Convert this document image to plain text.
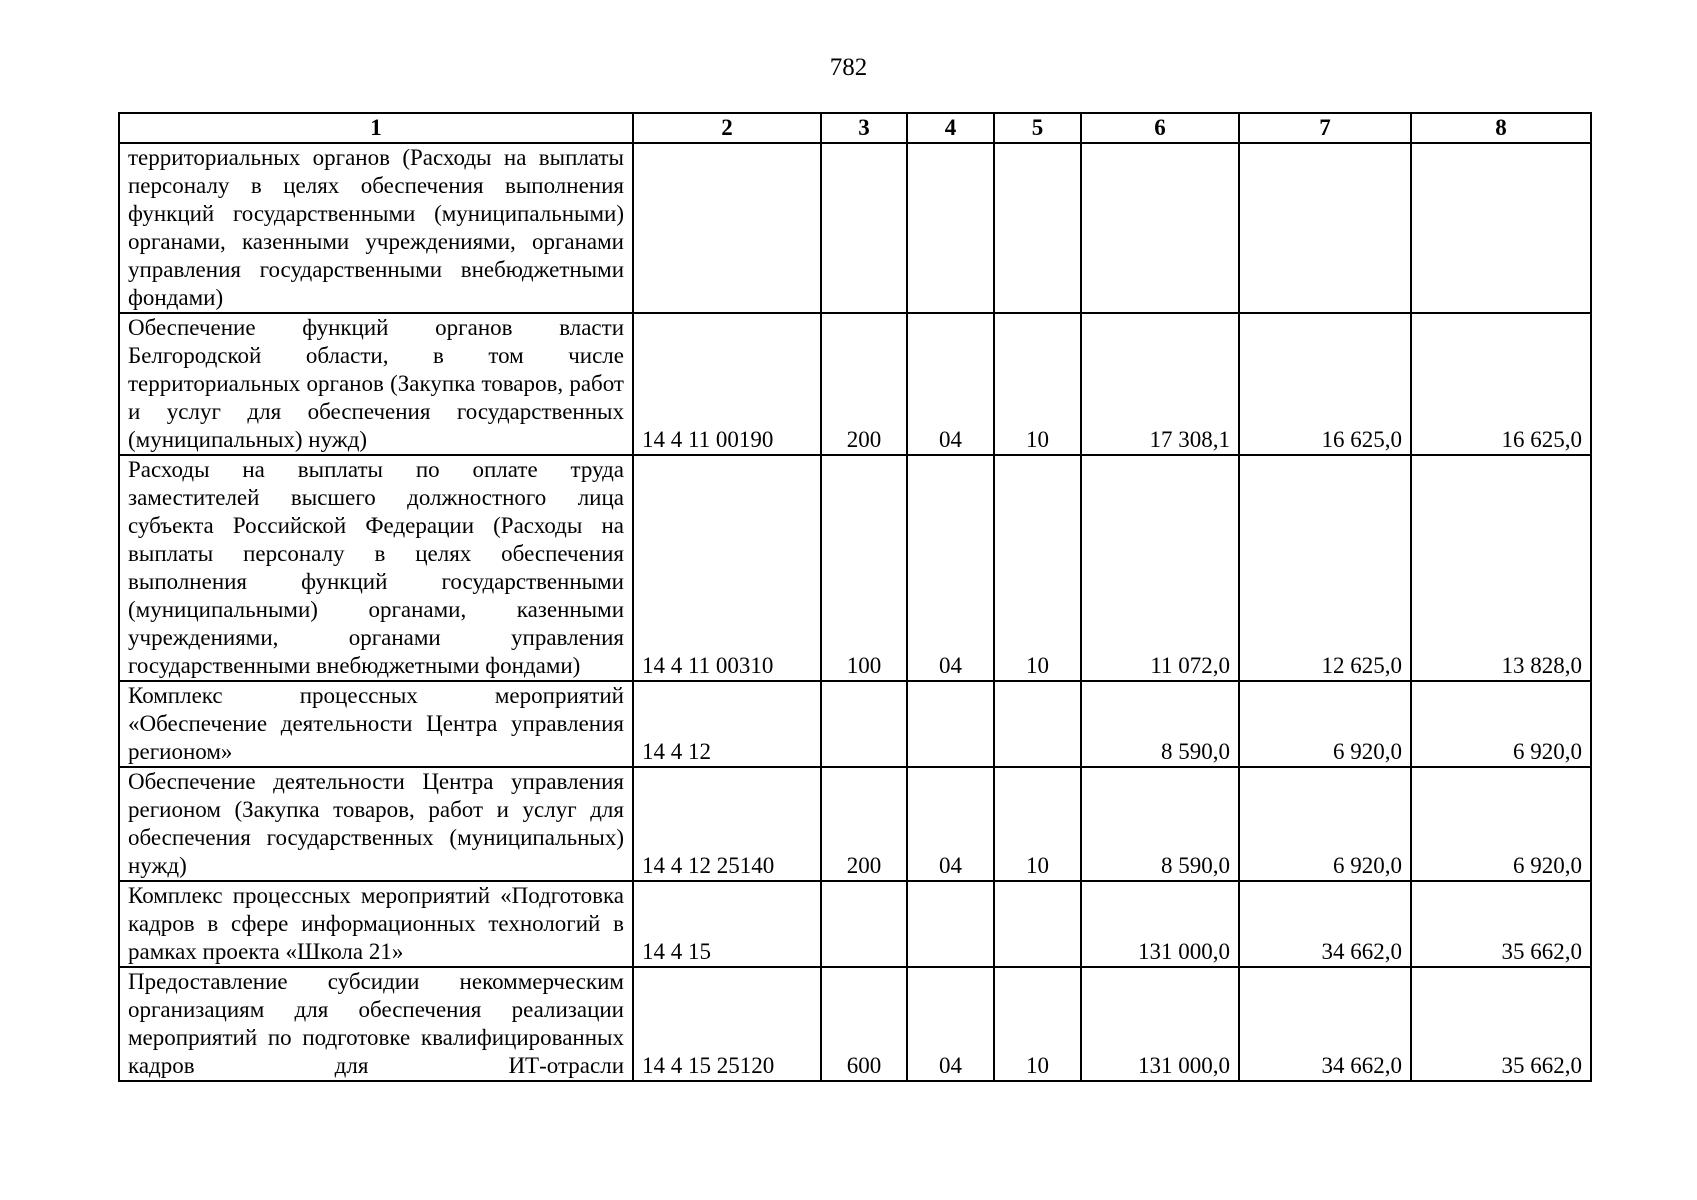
782
1	2	3	4	5	6	7	8
территориальных органов (Расходы на выплаты персоналу в целях обеспечения выполнения функций государственными (муниципальными) органами, казенными учреждениями, органами управления государственными внебюджетными фондами)							
Обеспечение функций органов власти Белгородской области, в том числе территориальных органов (Закупка товаров, работ и услуг для обеспечения государственных (муниципальных) нужд)	14 4 11 00190	200	04	10	17 308,1	16 625,0	16 625,0
Расходы на выплаты по оплате труда заместителей высшего должностного лица субъекта Российской Федерации (Расходы на выплаты персоналу в целях обеспечения выполнения функций государственными (муниципальными) органами, казенными учреждениями, органами управления государственными внебюджетными фондами)	14 4 11 00310	100	04	10	11 072,0	12 625,0	13 828,0
Комплекс процессных мероприятий «Обеспечение деятельности Центра управления регионом»	14 4 12				8 590,0	6 920,0	6 920,0
Обеспечение деятельности Центра управления регионом (Закупка товаров, работ и услуг для обеспечения государственных (муниципальных) нужд)	14 4 12 25140	200	04	10	8 590,0	6 920,0	6 920,0
Комплекс процессных мероприятий «Подготовка кадров в сфере информационных технологий в рамках проекта «Школа 21»	14 4 15				131 000,0	34 662,0	35 662,0
Предоставление субсидии некоммерческим организациям для обеспечения реализации мероприятий по подготовке квалифицированных кадров для ИТ-отрасли	14 4 15 25120	600	04	10	131 000,0	34 662,0	35 662,0
